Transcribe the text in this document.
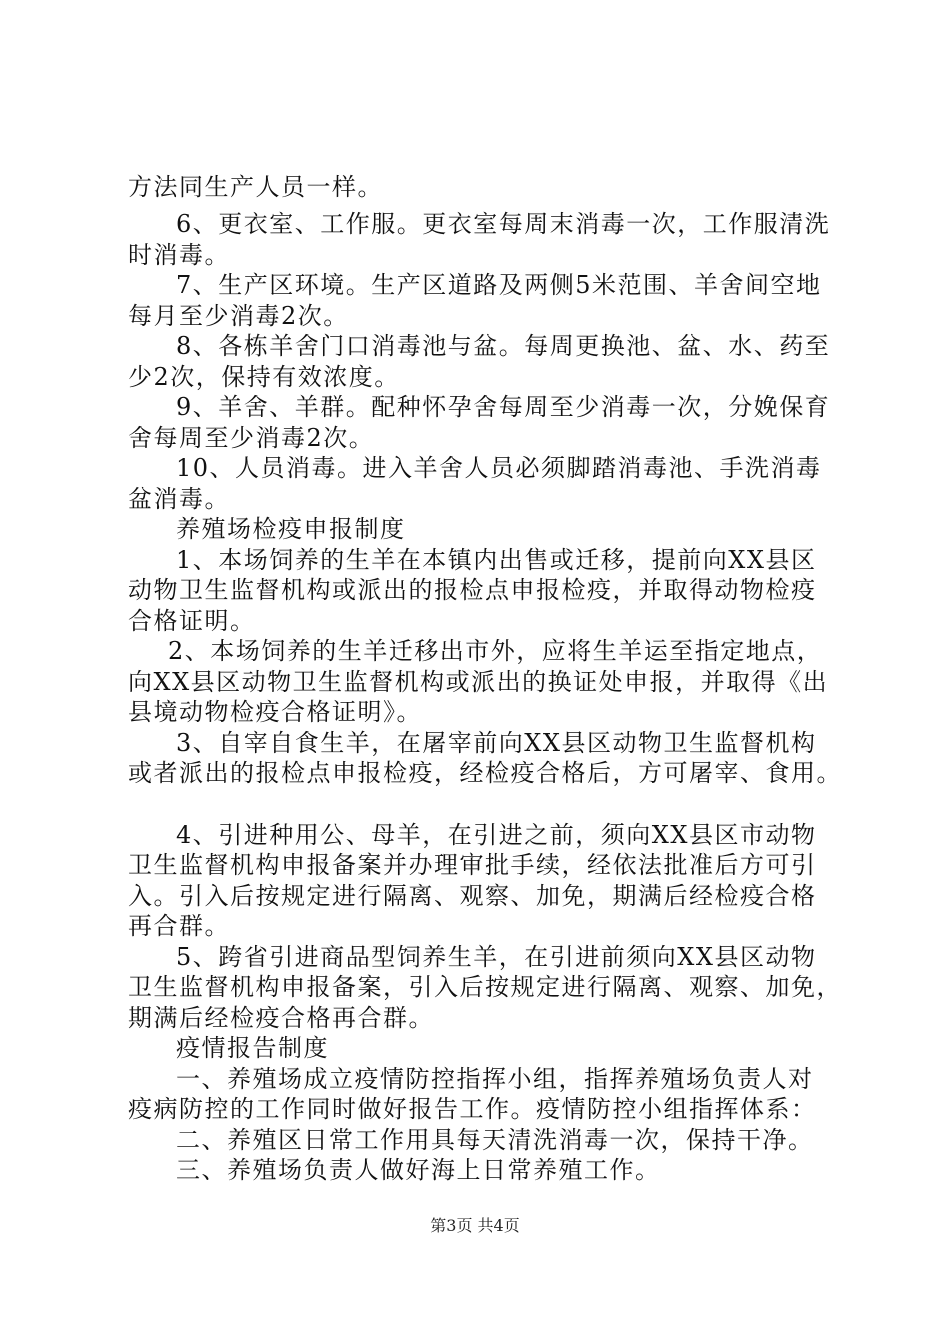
方法同生产人员一样。
6、更衣室、工作服。更衣室每周末消毒一次，工作服清洗
时消毒。
7、生产区环境。生产区道路及两侧5米范围、羊舍间空地
每月至少消毒2次。
8、各栋羊舍门口消毒池与盆。每周更换池、盆、水、药至
少2次，保持有效浓度。
9、羊舍、羊群。配种怀孕舍每周至少消毒一次，分娩保育
舍每周至少消毒2次。
10、人员消毒。进入羊舍人员必须脚踏消毒池、手洗消毒
盆消毒。
养殖场检疫申报制度
1、本场饲养的生羊在本镇内出售或迁移，提前向XX县区
动物卫生监督机构或派出的报检点申报检疫，并取得动物检疫
合格证明。
2、本场饲养的生羊迁移出市外，应将生羊运至指定地点，
向XX县区动物卫生监督机构或派出的换证处申报，并取得《出
县境动物检疫合格证明》。
3、自宰自食生羊，在屠宰前向XX县区动物卫生监督机构
或者派出的报检点申报检疫，经检疫合格后，方可屠宰、食用。
4、引进种用公、母羊，在引进之前，须向XX县区市动物
卫生监督机构申报备案并办理审批手续，经依法批准后方可引
入。引入后按规定进行隔离、观察、加免，期满后经检疫合格
再合群。
5、跨省引进商品型饲养生羊，在引进前须向XX县区动物
卫生监督机构申报备案，引入后按规定进行隔离、观察、加免，
期满后经检疫合格再合群。
疫情报告制度
一、养殖场成立疫情防控指挥小组，指挥养殖场负责人对
疫病防控的工作同时做好报告工作。疫情防控小组指挥体系：
二、养殖区日常工作用具每天清洗消毒一次，保持干净。
三、养殖场负责人做好海上日常养殖工作。
第3页 共4页
